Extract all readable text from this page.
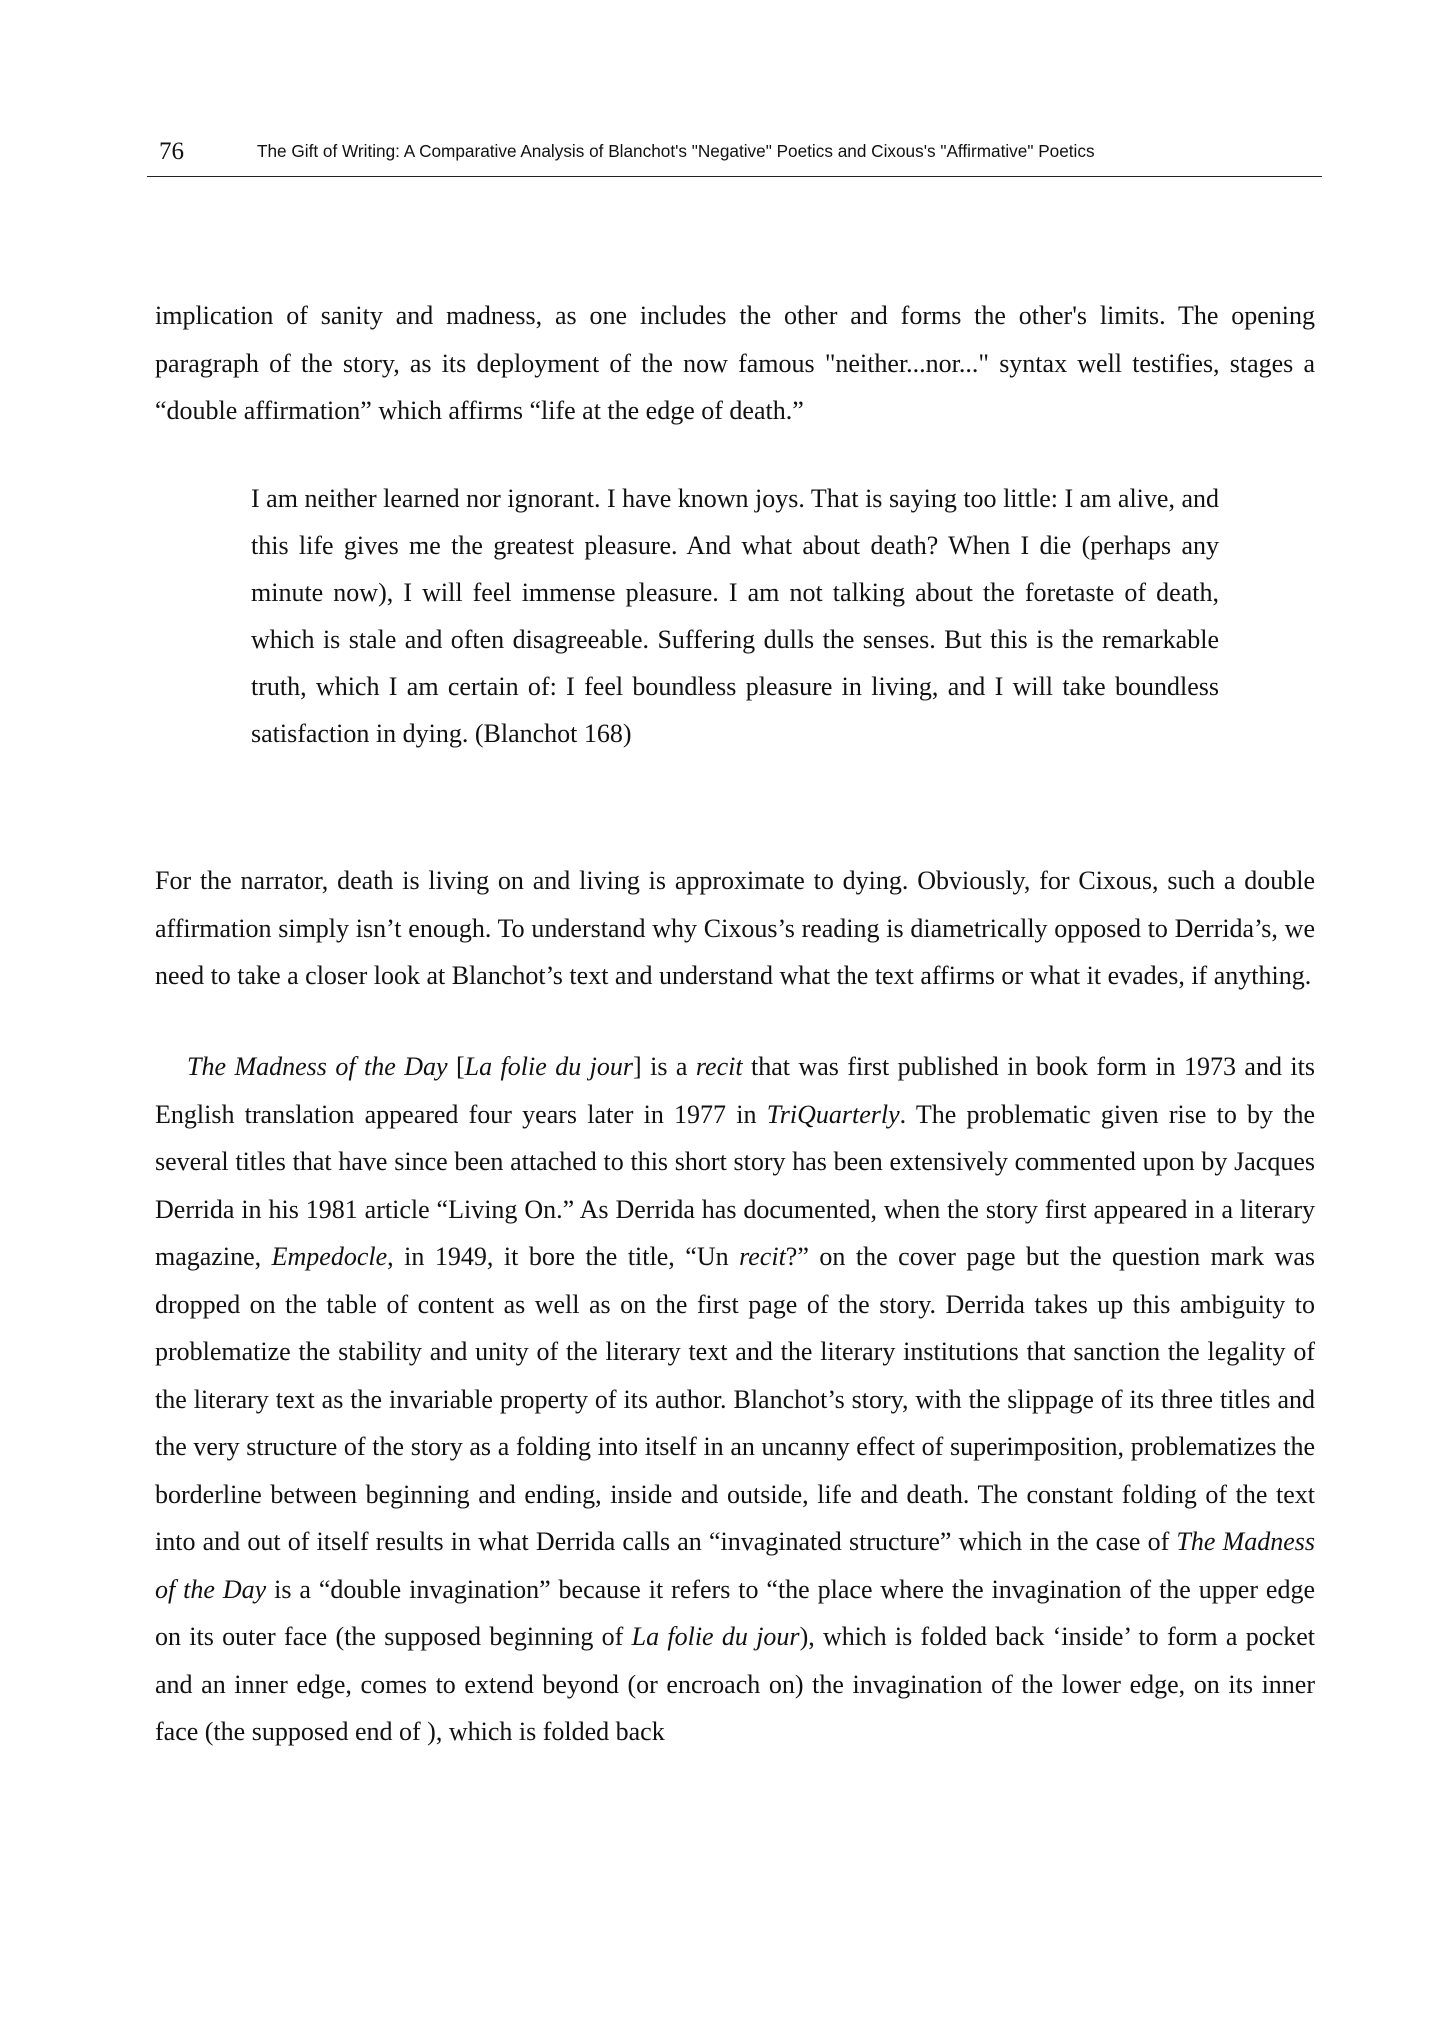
76	The Gift of Writing: A Comparative Analysis of Blanchot's "Negative" Poetics and Cixous's "Affirmative" Poetics

implication of sanity and madness, as one includes the other and forms the other's limits. The opening paragraph of the story, as its deployment of the now famous "neither...nor..." syntax well testifies, stages a “double affirmation” which affirms “life at the edge of death.”

I am neither learned nor ignorant. I have known joys. That is saying too little: I am alive, and this life gives me the greatest pleasure. And what about death? When I die (perhaps any minute now), I will feel immense pleasure. I am not talking about the foretaste of death, which is stale and often disagreeable. Suffering dulls the senses. But this is the remarkable truth, which I am certain of: I feel boundless pleasure in living, and I will take boundless satisfaction in dying. (Blanchot 168)

For the narrator, death is living on and living is approximate to dying. Obviously, for Cixous, such a double affirmation simply isn’t enough. To understand why Cixous’s reading is diametrically opposed to Derrida’s, we need to take a closer look at Blanchot’s text and understand what the text affirms or what it evades, if anything.

The Madness of the Day [La folie du jour] is a recit that was first published in book form in 1973 and its English translation appeared four years later in 1977 in TriQuarterly. The problematic given rise to by the several titles that have since been attached to this short story has been extensively commented upon by Jacques Derrida in his 1981 article “Living On.” As Derrida has documented, when the story first appeared in a literary magazine, Empedocle, in 1949, it bore the title, “Un recit?” on the cover page but the question mark was dropped on the table of content as well as on the first page of the story. Derrida takes up this ambiguity to problematize the stability and unity of the literary text and the literary institutions that sanction the legality of the literary text as the invariable property of its author. Blanchot’s story, with the slippage of its three titles and the very structure of the story as a folding into itself in an uncanny effect of superimposition, problematizes the borderline between beginning and ending, inside and outside, life and death. The constant folding of the text into and out of itself results in what Derrida calls an “invaginated structure” which in the case of The Madness of the Day is a “double invagination” because it refers to “the place where the invagination of the upper edge on its outer face (the supposed beginning of La folie du jour), which is folded back ‘inside’ to form a pocket and an inner edge, comes to extend beyond (or encroach on) the invagination of the lower edge, on its inner face (the supposed end of ), which is folded back
